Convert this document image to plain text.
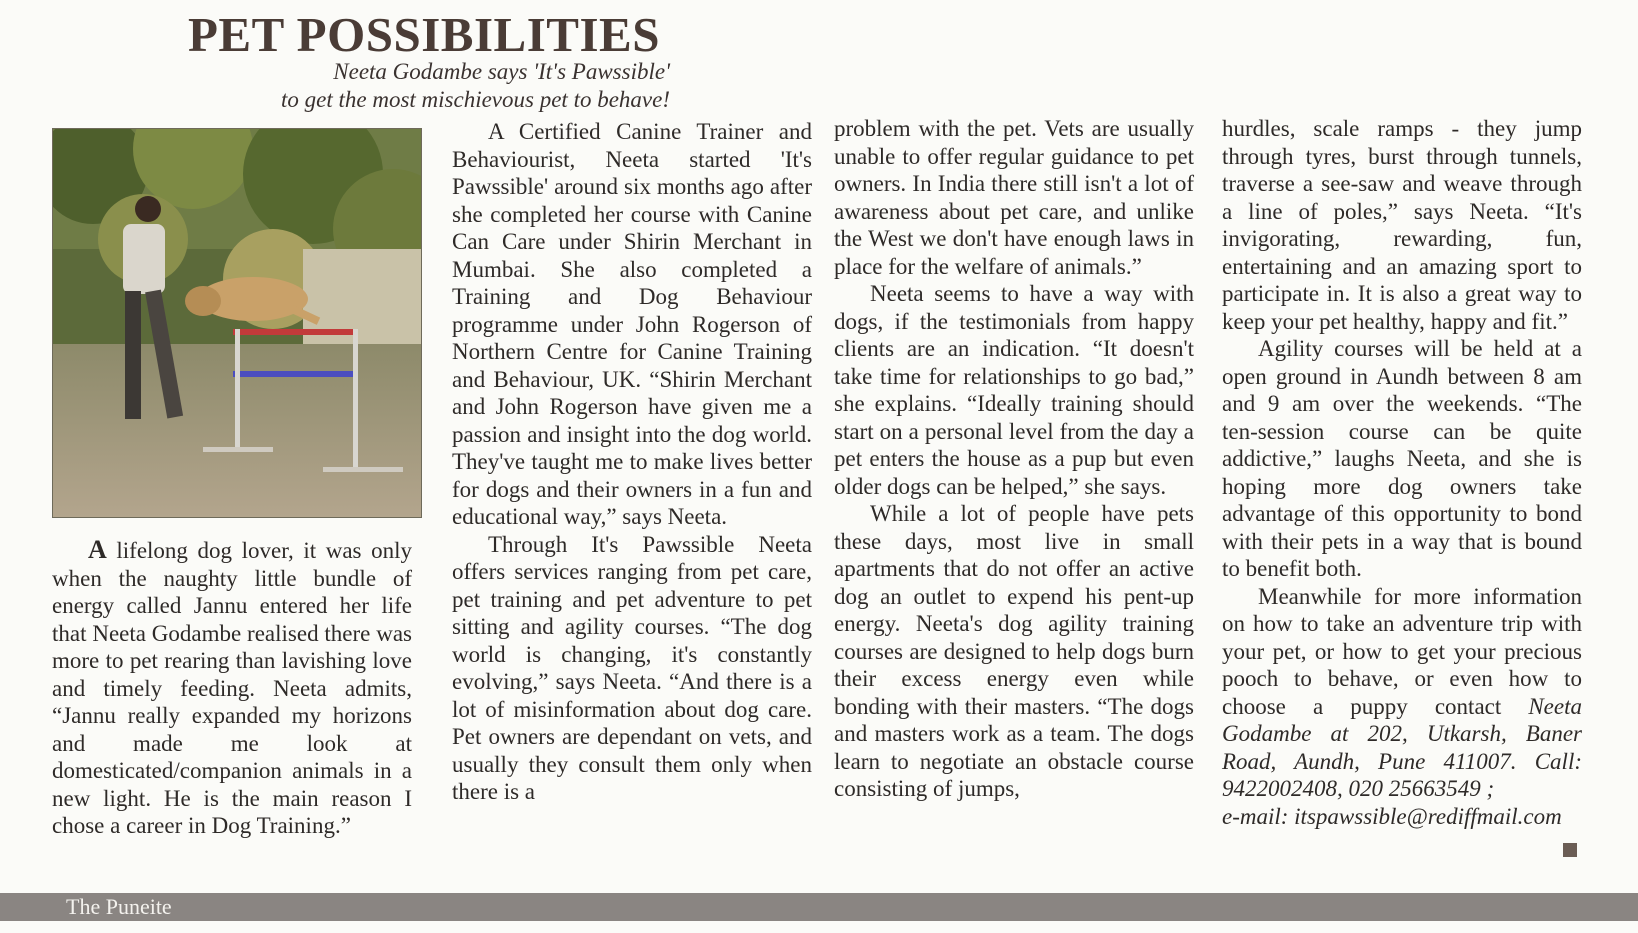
PET POSSIBILITIES
Neeta Godambe says 'It's Pawssible'
to get the most mischievous pet to behave!

A lifelong dog lover, it was only when the naughty little bundle of energy called Jannu entered her life that Neeta Godambe realised there was more to pet rearing than lavishing love and timely feeding. Neeta admits, “Jannu really expanded my horizons and made me look at domesticated/companion animals in a new light. He is the main reason I chose a career in Dog Training.”

A Certified Canine Trainer and Behaviourist, Neeta started 'It's Pawssible' around six months ago after she completed her course with Canine Can Care under Shirin Merchant in Mumbai. She also completed a Training and Dog Behaviour programme under John Rogerson of Northern Centre for Canine Training and Behaviour, UK. “Shirin Merchant and John Rogerson have given me a passion and insight into the dog world. They've taught me to make lives better for dogs and their owners in a fun and educational way,” says Neeta.

Through It's Pawssible Neeta offers services ranging from pet care, pet training and pet adventure to pet sitting and agility courses. “The dog world is changing, it's constantly evolving,” says Neeta. “And there is a lot of misinformation about dog care. Pet owners are dependant on vets, and usually they consult them only when there is a

problem with the pet. Vets are usually unable to offer regular guidance to pet owners. In India there still isn't a lot of awareness about pet care, and unlike the West we don't have enough laws in place for the welfare of animals.”

Neeta seems to have a way with dogs, if the testimonials from happy clients are an indication. “It doesn't take time for relationships to go bad,” she explains. “Ideally training should start on a personal level from the day a pet enters the house as a pup but even older dogs can be helped,” she says.

While a lot of people have pets these days, most live in small apartments that do not offer an active dog an outlet to expend his pent-up energy. Neeta's dog agility training courses are designed to help dogs burn their excess energy even while bonding with their masters. “The dogs and masters work as a team. The dogs learn to negotiate an obstacle course consisting of jumps,

hurdles, scale ramps - they jump through tyres, burst through tunnels, traverse a see-saw and weave through a line of poles,” says Neeta. “It's invigorating, rewarding, fun, entertaining and an amazing sport to participate in. It is also a great way to keep your pet healthy, happy and fit.”

Agility courses will be held at a open ground in Aundh between 8 am and 9 am over the weekends. “The ten-session course can be quite addictive,” laughs Neeta, and she is hoping more dog owners take advantage of this opportunity to bond with their pets in a way that is bound to benefit both.

Meanwhile for more information on how to take an adventure trip with your pet, or how to get your precious pooch to behave, or even how to choose a puppy contact Neeta Godambe at 202, Utkarsh, Baner Road, Aundh, Pune 411007. Call: 9422002408, 020 25663549 ;

e-mail: itspawssible@rediffmail.com

The Puneite
